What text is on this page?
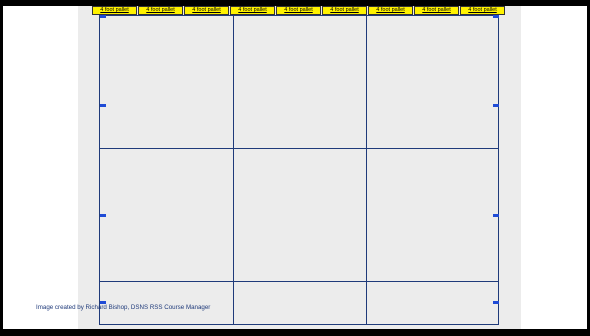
4 foot pallet	4 foot pallet	4 foot pallet	4 foot pallet	4 foot pallet	4 foot pallet	4 foot pallet	4 foot pallet	4 foot pallet
Image created by Richard Bishop, DSNS RSS Course Manager
